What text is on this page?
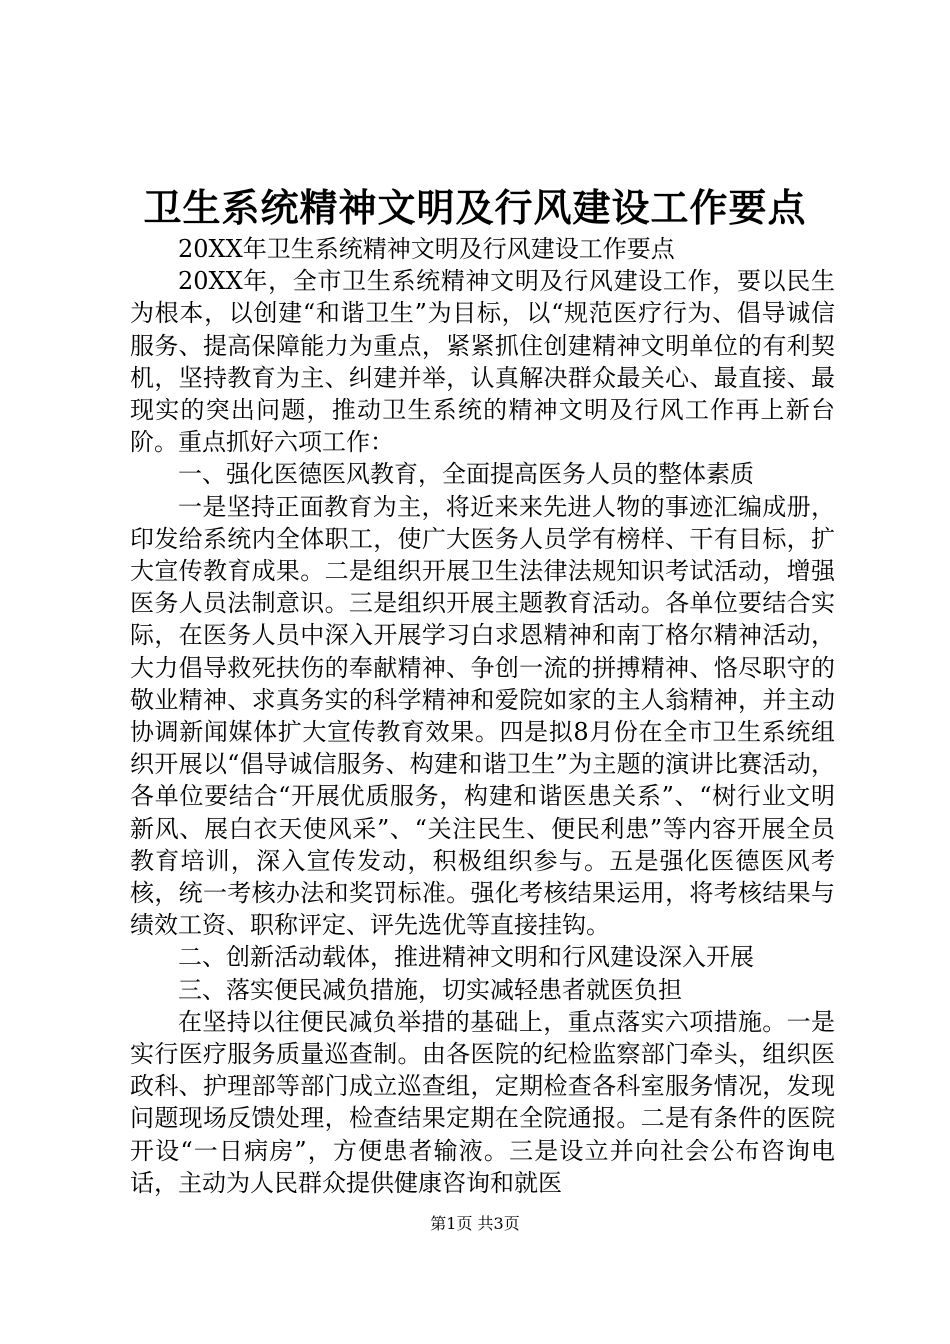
卫生系统精神文明及行风建设工作要点

20XX年卫生系统精神文明及行风建设工作要点

20XX年，全市卫生系统精神文明及行风建设工作，要以民生为根本，以创建“和谐卫生”为目标，以“规范医疗行为、倡导诚信服务、提高保障能力为重点，紧紧抓住创建精神文明单位的有利契机，坚持教育为主、纠建并举，认真解决群众最关心、最直接、最现实的突出问题，推动卫生系统的精神文明及行风工作再上新台阶。重点抓好六项工作：

一、强化医德医风教育，全面提高医务人员的整体素质

一是坚持正面教育为主，将近来来先进人物的事迹汇编成册，印发给系统内全体职工，使广大医务人员学有榜样、干有目标，扩大宣传教育成果。二是组织开展卫生法律法规知识考试活动，增强医务人员法制意识。三是组织开展主题教育活动。各单位要结合实际，在医务人员中深入开展学习白求恩精神和南丁格尔精神活动，大力倡导救死扶伤的奉献精神、争创一流的拼搏精神、恪尽职守的敬业精神、求真务实的科学精神和爱院如家的主人翁精神，并主动协调新闻媒体扩大宣传教育效果。四是拟8月份在全市卫生系统组织开展以“倡导诚信服务、构建和谐卫生”为主题的演讲比赛活动，各单位要结合“开展优质服务，构建和谐医患关系”、“树行业文明新风、展白衣天使风采”、“关注民生、便民利患”等内容开展全员教育培训，深入宣传发动，积极组织参与。五是强化医德医风考核，统一考核办法和奖罚标准。强化考核结果运用，将考核结果与绩效工资、职称评定、评先选优等直接挂钩。

二、创新活动载体，推进精神文明和行风建设深入开展

三、落实便民减负措施，切实减轻患者就医负担

在坚持以往便民减负举措的基础上，重点落实六项措施。一是实行医疗服务质量巡查制。由各医院的纪检监察部门牵头，组织医政科、护理部等部门成立巡查组，定期检查各科室服务情况，发现问题现场反馈处理，检查结果定期在全院通报。二是有条件的医院开设“一日病房”，方便患者输液。三是设立并向社会公布咨询电话，主动为人民群众提供健康咨询和就医

第1页 共3页
